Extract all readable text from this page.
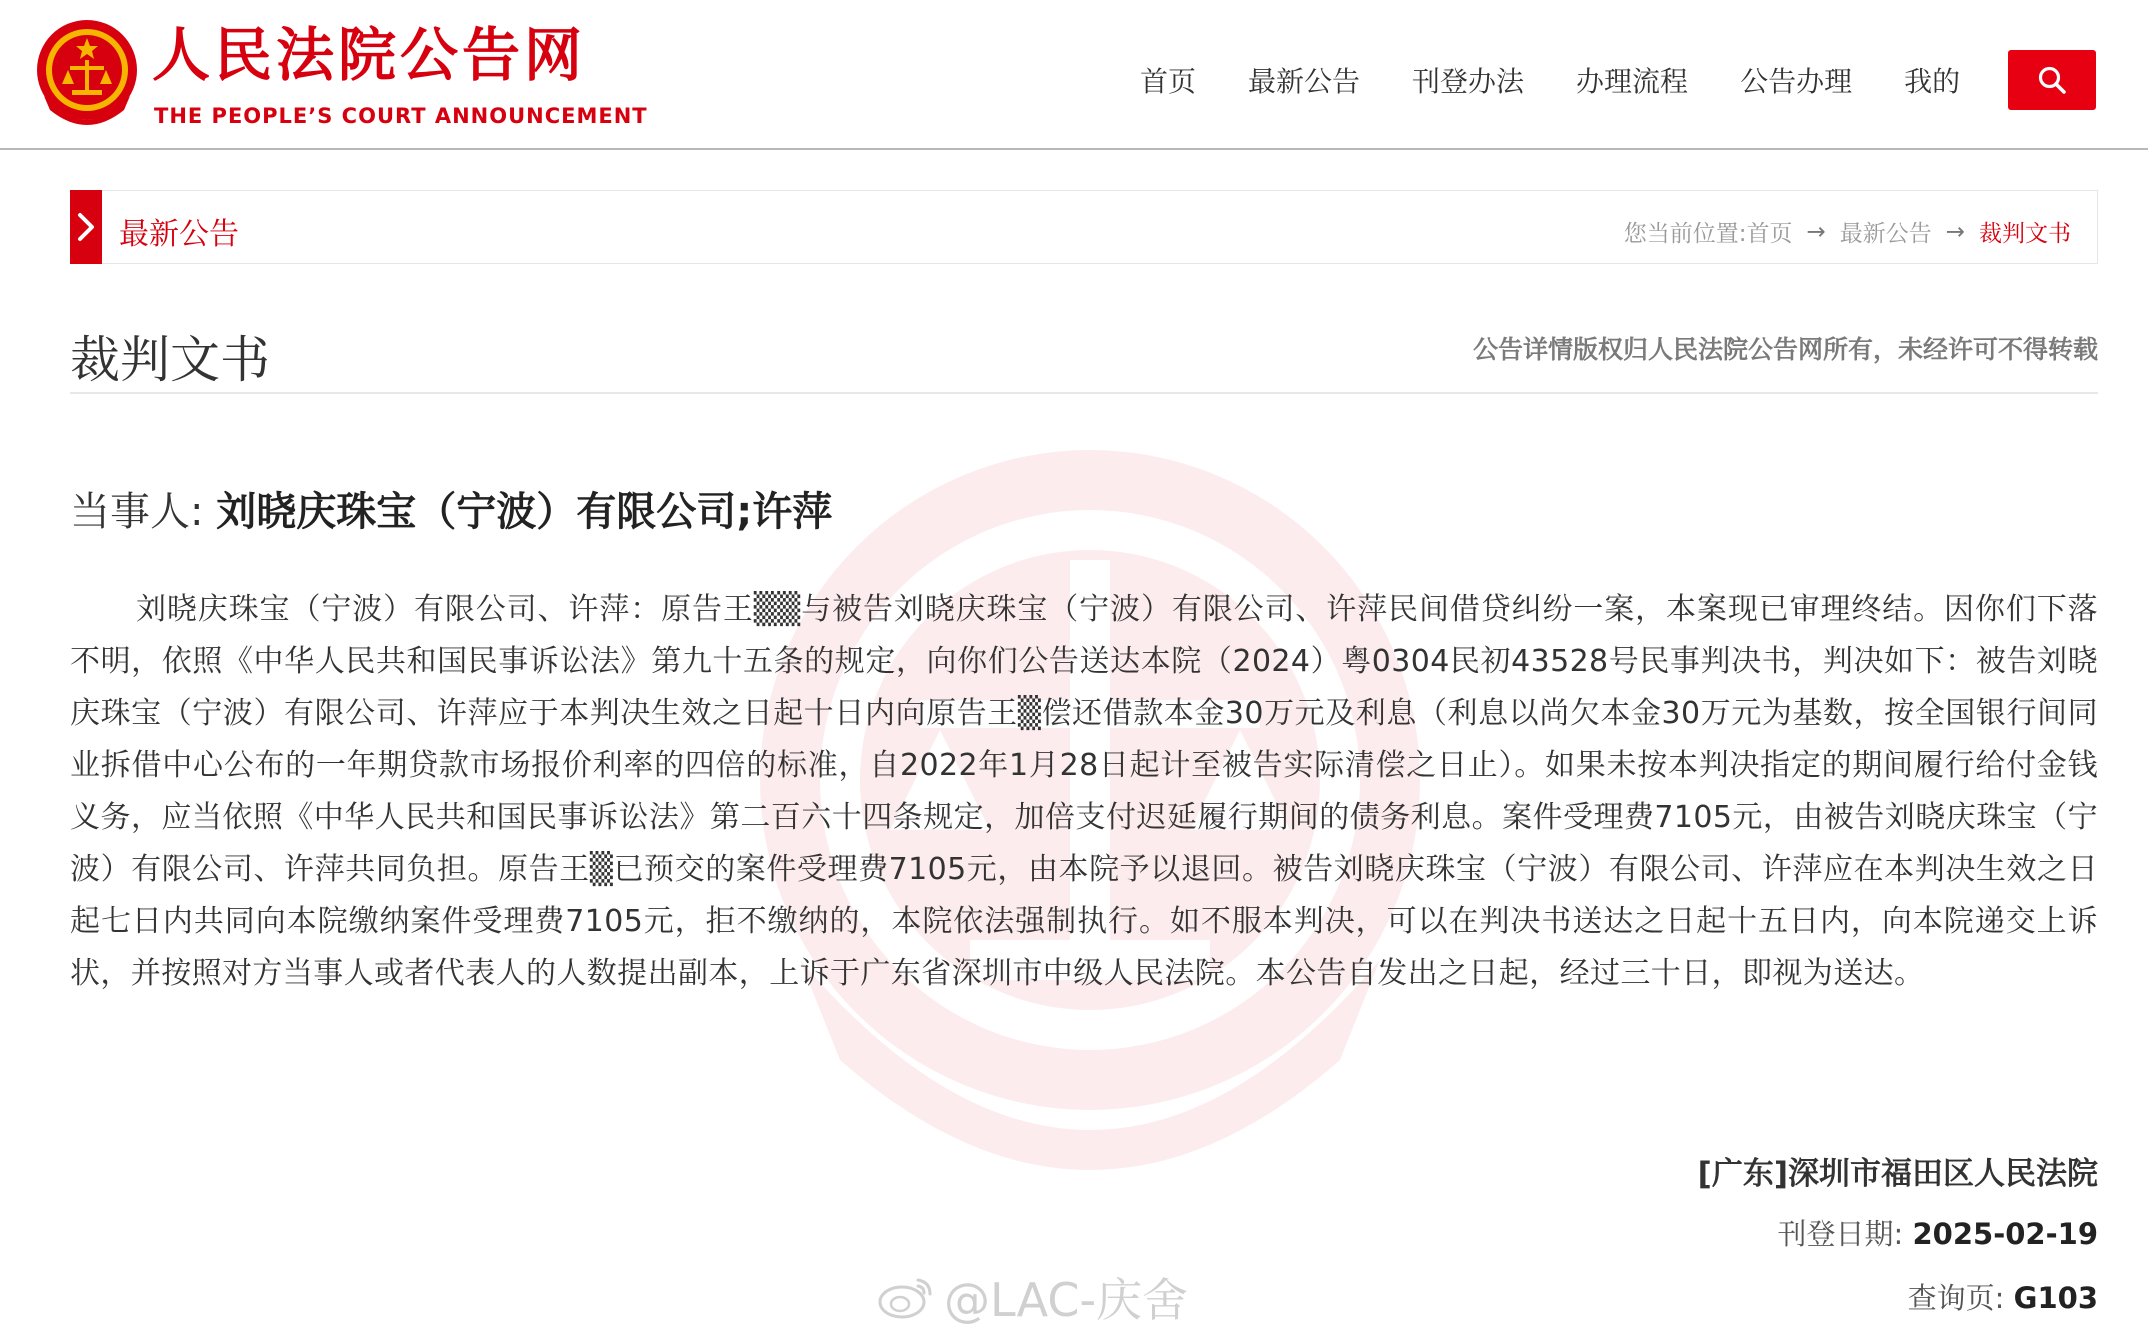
人民法院公告网
THE PEOPLE’S COURT ANNOUNCEMENT
首页 最新公告 刊登办法 办理流程 公告办理 我的
最新公告	您当前位置: 首页 → 最新公告 → 裁判文书
裁判文书	公告详情版权归人民法院公告网所有，未经许可不得转载
当事人: 刘晓庆珠宝（宁波）有限公司;许萍
刘晓庆珠宝（宁波）有限公司、许萍：原告王▒▒与被告刘晓庆珠宝（宁波）有限公司、许萍民间借贷纠纷一案，本案现已审理终结。因你们下落不明，依照《中华人民共和国民事诉讼法》第九十五条的规定，向你们公告送达本院（2024）粤0304民初43528号民事判决书，判决如下：被告刘晓庆珠宝（宁波）有限公司、许萍应于本判决生效之日起十日内向原告王▒偿还借款本金30万元及利息（利息以尚欠本金30万元为基数，按全国银行间同业拆借中心公布的一年期贷款市场报价利率的四倍的标准，自2022年1月28日起计至被告实际清偿之日止）。如果未按本判决指定的期间履行给付金钱义务，应当依照《中华人民共和国民事诉讼法》第二百六十四条规定，加倍支付迟延履行期间的债务利息。案件受理费7105元，由被告刘晓庆珠宝（宁波）有限公司、许萍共同负担。原告王▒已预交的案件受理费7105元，由本院予以退回。被告刘晓庆珠宝（宁波）有限公司、许萍应在本判决生效之日起七日内共同向本院缴纳案件受理费7105元，拒不缴纳的，本院依法强制执行。如不服本判决，可以在判决书送达之日起十五日内，向本院递交上诉状，并按照对方当事人或者代表人的人数提出副本，上诉于广东省深圳市中级人民法院。本公告自发出之日起，经过三十日，即视为送达。
[广东]深圳市福田区人民法院
刊登日期: 2025-02-19
查询页: G103
@LAC-庆舍
